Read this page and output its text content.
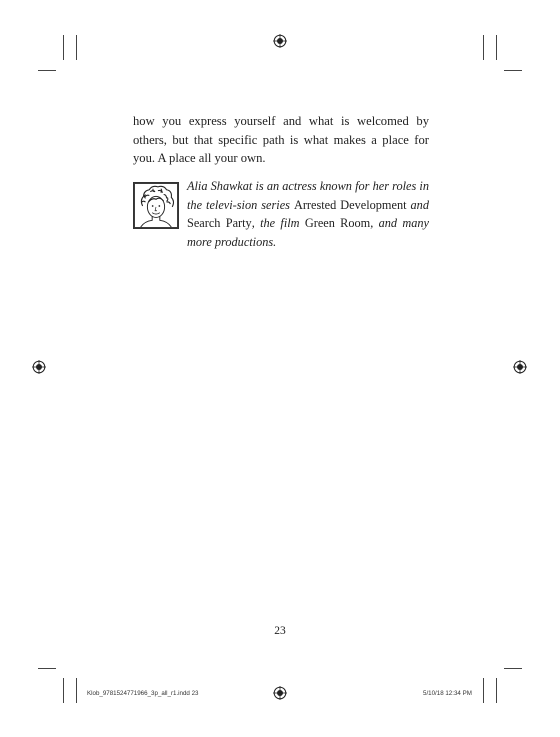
how you express yourself and what is welcomed by others, but that specific path is what makes a place for you. A place all your own.

Alia Shawkat is an actress known for her roles in the televi-sion series Arrested Development and Search Party, the film Green Room, and many more productions.

23
Klob_9781524771966_3p_all_r1.indd 23	5/10/18 12:34 PM
